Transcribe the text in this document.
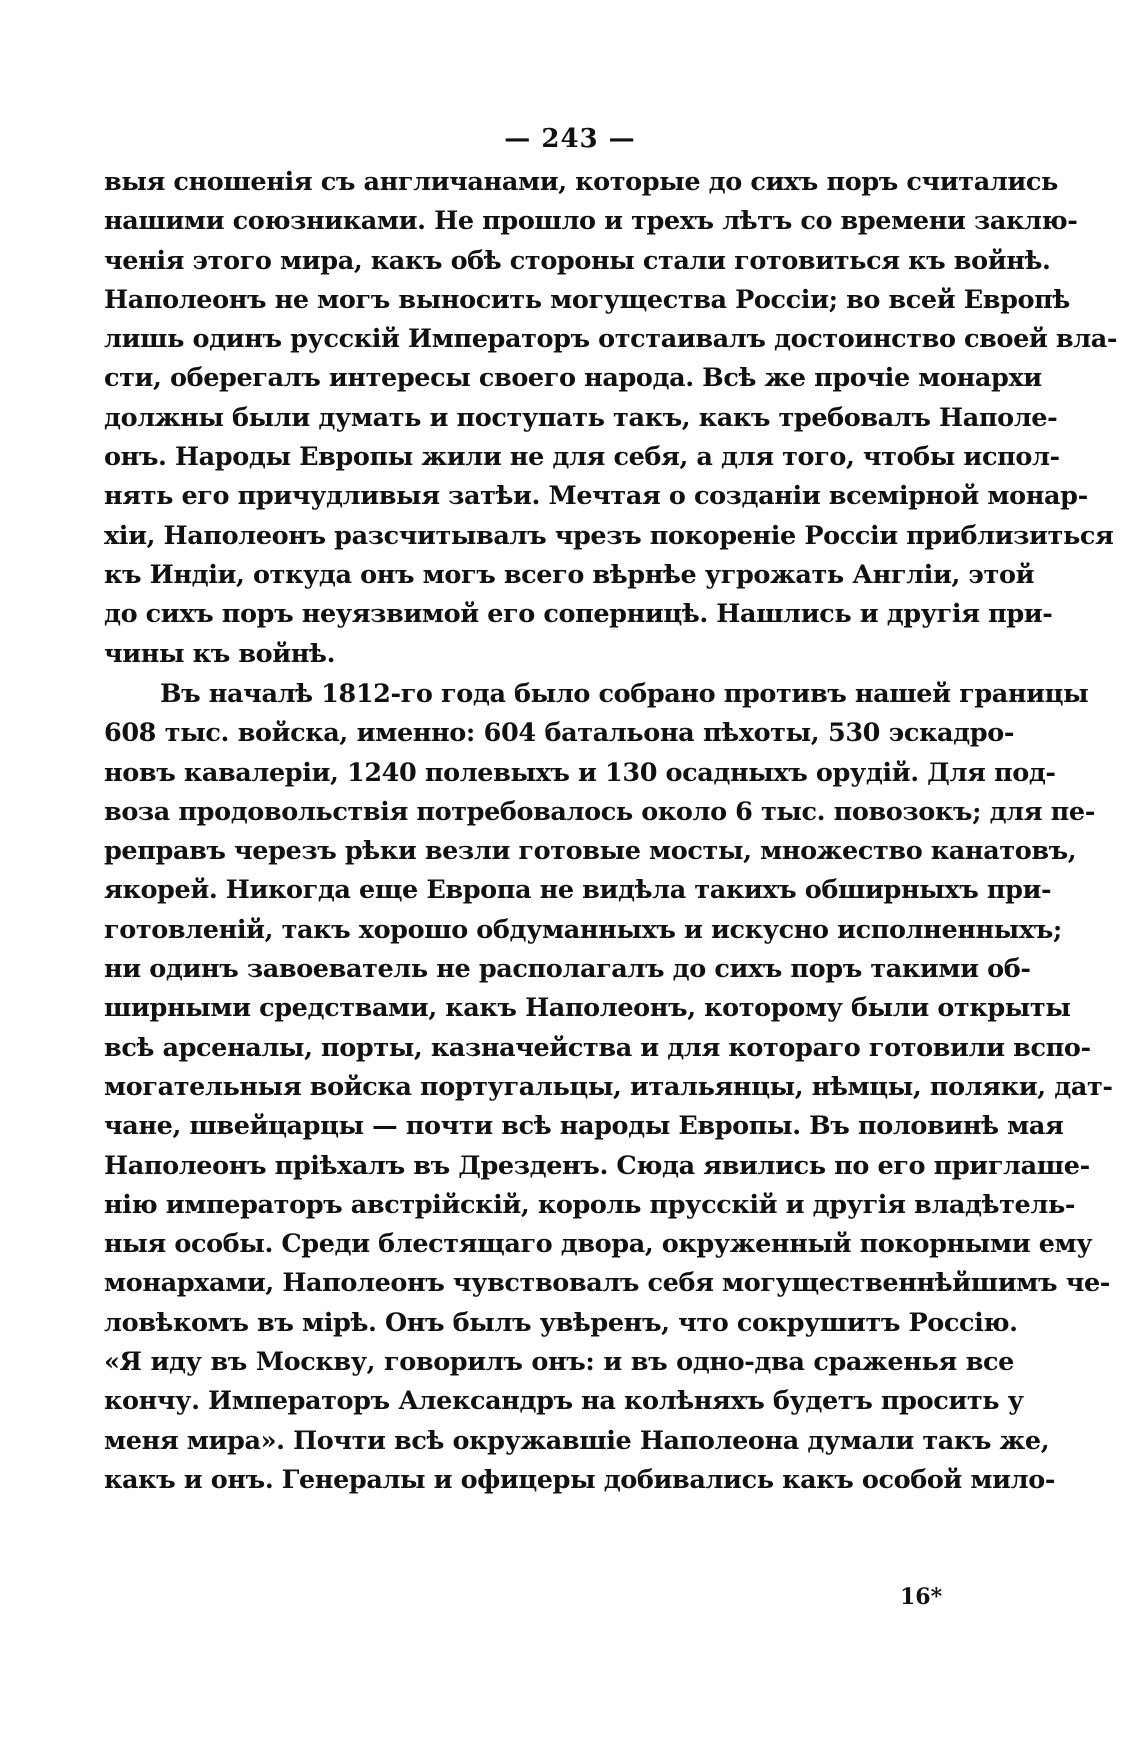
— 243 —
выя сношенія съ англичанами, которые до сихъ поръ считались
нашими союзниками. Не прошло и трехъ лѣтъ со времени заклю-
ченія этого мира, какъ обѣ стороны стали готовиться къ войнѣ.
Наполеонъ не могъ выносить могущества Россіи; во всей Европѣ
лишь одинъ русскій Императоръ отстаивалъ достоинство своей вла-
сти, оберегалъ интересы своего народа. Всѣ же прочіе монархи
должны были думать и поступать такъ, какъ требовалъ Наполе-
онъ. Народы Европы жили не для себя, а для того, чтобы испол-
нять его причудливыя затѣи. Мечтая о созданіи всемірной монар-
хіи, Наполеонъ разсчитывалъ чрезъ покореніе Россіи приблизиться
къ Индіи, откуда онъ могъ всего вѣрнѣе угрожать Англіи, этой
до сихъ поръ неуязвимой его соперницѣ. Нашлись и другія при-
чины къ войнѣ.
Въ началѣ 1812-го года было собрано противъ нашей границы
608 тыс. войска, именно: 604 батальона пѣхоты, 530 эскадро-
новъ кавалеріи, 1240 полевыхъ и 130 осадныхъ орудій. Для под-
воза продовольствія потребовалось около 6 тыс. повозокъ; для пе-
реправъ черезъ рѣки везли готовые мосты, множество канатовъ,
якорей. Никогда еще Европа не видѣла такихъ обширныхъ при-
готовленій, такъ хорошо обдуманныхъ и искусно исполненныхъ;
ни одинъ завоеватель не располагалъ до сихъ поръ такими об-
ширными средствами, какъ Наполеонъ, которому были открыты
всѣ арсеналы, порты, казначейства и для котораго готовили вспо-
могательныя войска португальцы, итальянцы, нѣмцы, поляки, дат-
чане, швейцарцы — почти всѣ народы Европы. Въ половинѣ мая
Наполеонъ пріѣхалъ въ Дрезденъ. Сюда явились по его приглаше-
нію императоръ австрійскій, король прусскій и другія владѣтель-
ныя особы. Среди блестящаго двора, окруженный покорными ему
монархами, Наполеонъ чувствовалъ себя могущественнѣйшимъ че-
ловѣкомъ въ мірѣ. Онъ былъ увѣренъ, что сокрушитъ Россію.
«Я иду въ Москву, говорилъ онъ: и въ одно-два сраженья все
кончу. Императоръ Александръ на колѣняхъ будетъ просить у
меня мира». Почти всѣ окружавшіе Наполеона думали такъ же,
какъ и онъ. Генералы и офицеры добивались какъ особой мило-
16*
